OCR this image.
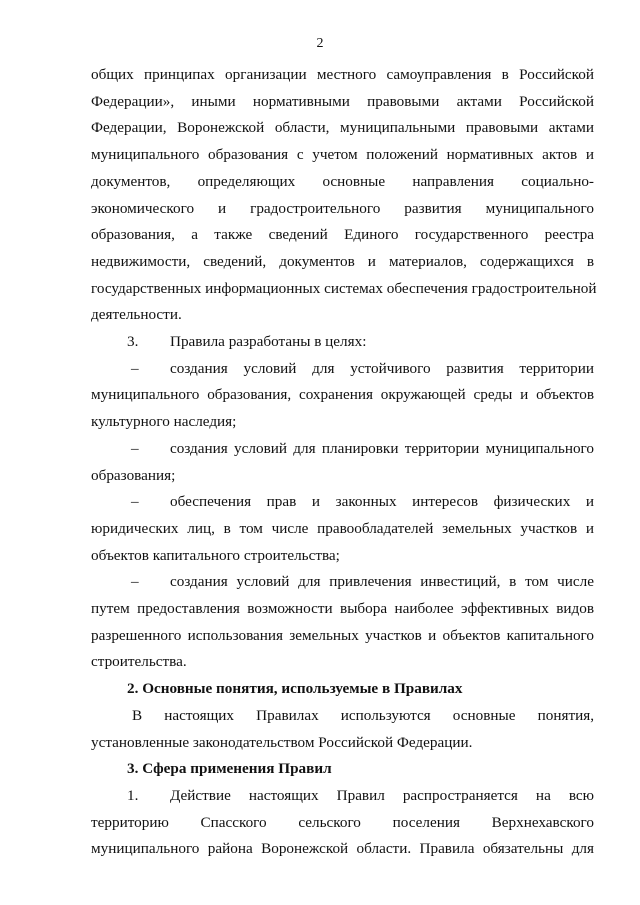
2
общих принципах организации местного самоуправления в Российской
Федерации», иными нормативными правовыми актами Российской
Федерации, Воронежской области, муниципальными правовыми актами
муниципального образования с учетом положений нормативных актов и
документов, определяющих основные направления социально-
экономического и градостроительного развития муниципального
образования, а также сведений Единого государственного реестра
недвижимости, сведений, документов и материалов, содержащихся в
государственных информационных системах обеспечения градостроительной
деятельности.
3.	Правила разработаны в целях:
–	создания условий для устойчивого развития территории
муниципального образования, сохранения окружающей среды и объектов
культурного наследия;
–	создания условий для планировки территории муниципального
образования;
–	обеспечения прав и законных интересов физических и
юридических лиц, в том числе правообладателей земельных участков и
объектов капитального строительства;
–	создания условий для привлечения инвестиций, в том числе
путем предоставления возможности выбора наиболее эффективных видов
разрешенного использования земельных участков и объектов капитального
строительства.
2. Основные понятия, используемые в Правилах
В настоящих Правилах используются основные понятия,
установленные законодательством Российской Федерации.
3. Сфера применения Правил
1.	Действие настоящих Правил распространяется на всю
территорию Спасского сельского поселения Верхнехавского
муниципального района Воронежской области. Правила обязательны для
